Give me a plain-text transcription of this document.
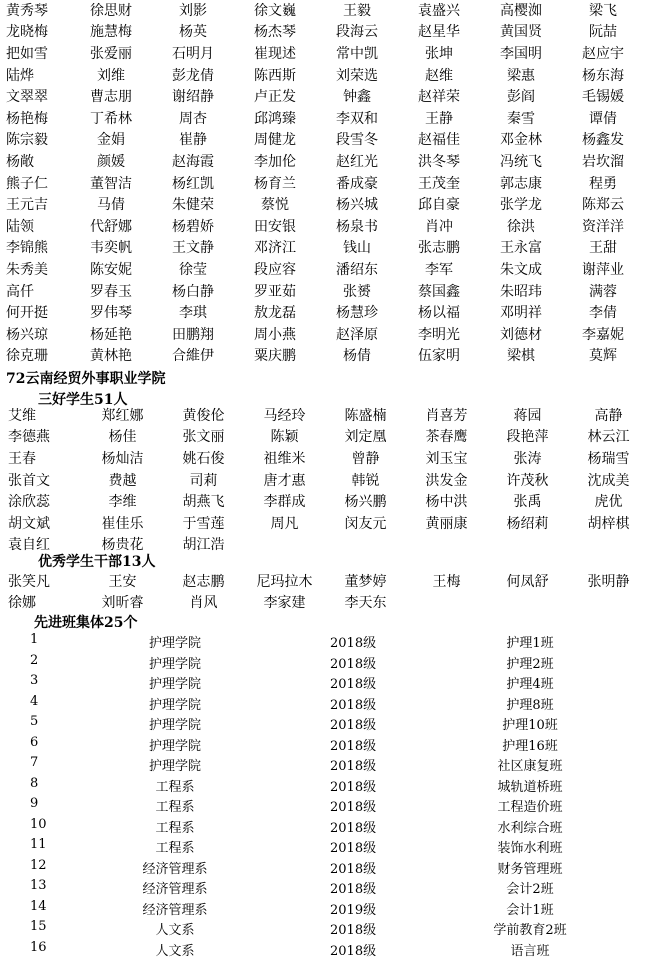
黄秀琴	徐思财	刘影	徐文巍	王毅	袁盛兴	高樱洳	梁飞
龙晓梅	施慧梅	杨英	杨杰琴	段海云	赵星华	黄国贤	阮喆
把如雪	张爱丽	石明月	崔现述	常中凯	张坤	李国明	赵应宇
陆烨	刘维	彭龙倩	陈西斯	刘荣选	赵维	梁惠	杨东海
文翠翠	曹志朋	谢绍静	卢正发	钟鑫	赵祥荣	彭阎	毛锡媛
杨艳梅	丁希林	周杏	邱鸿臻	李双和	王静	秦雪	谭倩
陈宗毅	金娟	崔静	周健龙	段雪冬	赵福佳	邓金林	杨鑫发
杨敞	颜媛	赵海霞	李加伦	赵红光	洪冬琴	冯统飞	岩坎溜
熊子仁	董智洁	杨红凯	杨育兰	番成豪	王茂奎	郭志康	程勇
王元吉	马倩	朱健荣	蔡悦	杨兴城	邱自豪	张学龙	陈郑云
陆领	代舒娜	杨碧娇	田安银	杨泉书	肖冲	徐洪	资洋洋
李锦熊	韦奕帆	王文静	邓济江	钱山	张志鹏	王永富	王甜
朱秀美	陈安妮	徐莹	段应容	潘绍东	李军	朱文成	谢萍业
高仟	罗春玉	杨白静	罗亚茹	张赟	蔡国鑫	朱昭玮	满蓉
何开挺	罗伟琴	李琪	敖龙磊	杨慧珍	杨以福	邓明祥	李倩
杨兴琼	杨延艳	田鹏翔	周小燕	赵泽原	李明光	刘德材	李嘉妮
徐克珊	黄林艳	合維伊	粟庆鹏	杨倩	伍家明	梁棋	莫辉
72云南经贸外事职业学院
三好学生51人
艾维	郑红娜	黄俊伦	马经玲	陈盛楠	肖喜芳	蒋园	高静
李德燕	杨佳	张文丽	陈颖	刘定凰	茶春鹰	段艳萍	林云江
王春	杨灿洁	姚石俊	祖维米	曾静	刘玉宝	张涛	杨瑞雪
张首文	费越	司莉	唐才惠	韩锐	洪发金	许茂秋	沈成美
涂欣蕊	李维	胡燕飞	李群成	杨兴鹏	杨中洪	张禹	虎优
胡文斌	崔佳乐	于雪莲	周凡	闵友元	黄丽康	杨绍莉	胡梓棋
袁自红	杨贵花	胡江浩
优秀学生干部13人
张笑凡	王安	赵志鹏	尼玛拉木	董梦婷	王梅	何凤舒	张明静
徐娜	刘昕睿	肖风	李家建	李天东
先进班集体25个
1	护理学院	2018级	护理1班
2	护理学院	2018级	护理2班
3	护理学院	2018级	护理4班
4	护理学院	2018级	护理8班
5	护理学院	2018级	护理10班
6	护理学院	2018级	护理16班
7	护理学院	2018级	社区康复班
8	工程系	2018级	城轨道桥班
9	工程系	2018级	工程造价班
10	工程系	2018级	水利综合班
11	工程系	2018级	装饰水利班
12	经济管理系	2018级	财务管理班
13	经济管理系	2018级	会计2班
14	经济管理系	2019级	会计1班
15	人文系	2018级	学前教育2班
16	人文系	2018级	语言班
